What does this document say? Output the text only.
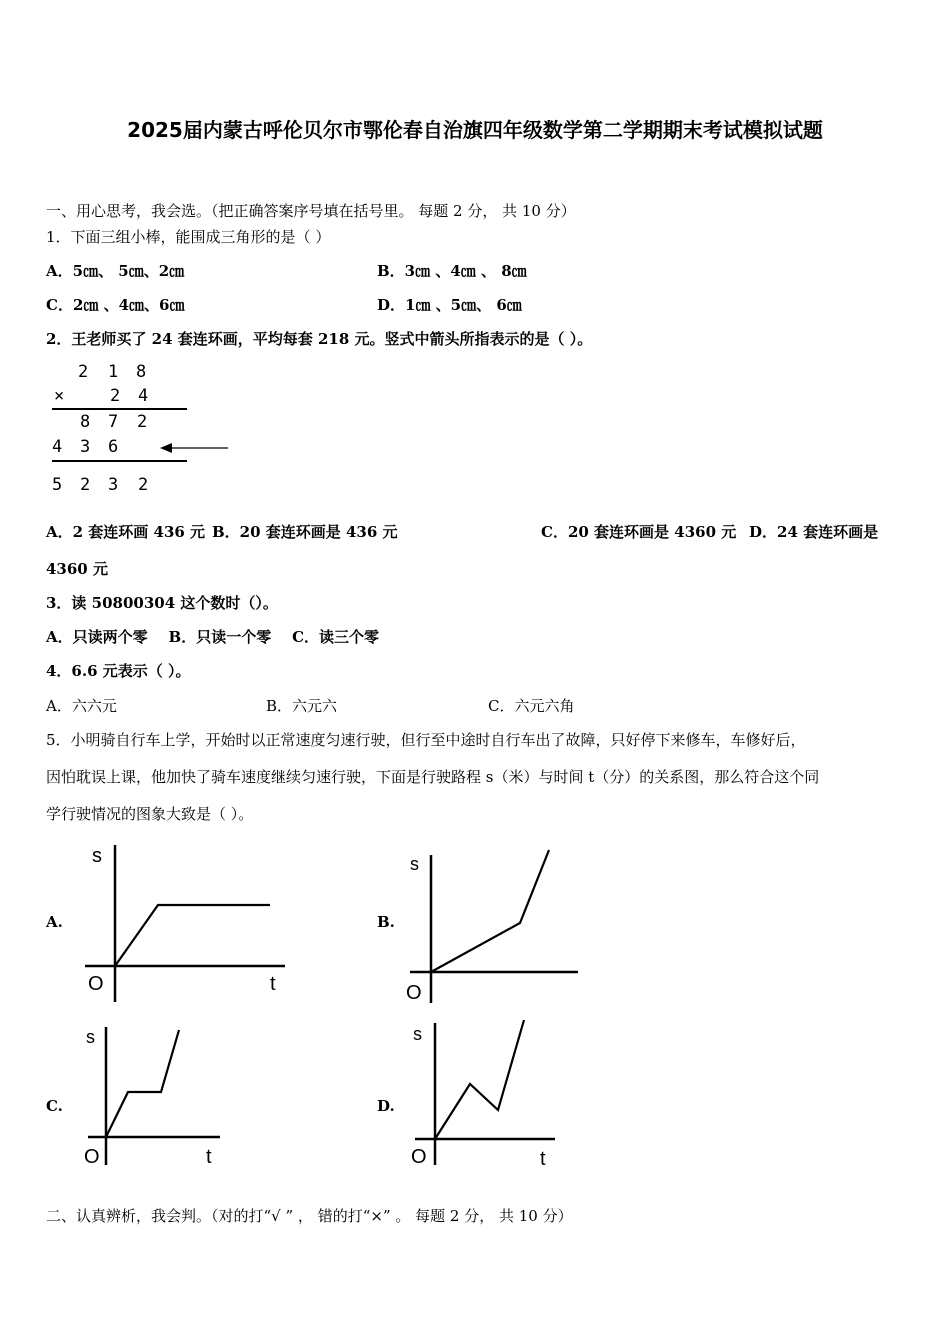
2025届内蒙古呼伦贝尔市鄂伦春自治旗四年级数学第二学期期末考试模拟试题
一、用心思考，我会选。（把正确答案序号填在括号里。 每题 2 分， 共 10 分）
1．下面三组小棒，能围成三角形的是（ ）
A．5㎝、 5㎝、2㎝	B．3㎝ 、4㎝ 、 8㎝
C．2㎝ 、4㎝、6㎝	D．1㎝ 、5㎝、 6㎝
2．王老师买了 24 套连环画，平均每套 218 元。竖式中箭头所指表示的是（ ）。
2 1 8
×	2 4
8 7 2
4 3 6
5 2 3 2
A．2 套连环画 436 元 B．20 套连环画是 436 元	C．20 套连环画是 4360 元 D．24 套连环画是
4360 元
3．读 50800304 这个数时（）。
A．只读两个零    B．只读一个零    C．读三个零
4．6.6 元表示（ ）。
A．六六元	B．六元六	C．六元六角
5．小明骑自行车上学，开始时以正常速度匀速行驶，但行至中途时自行车出了故障，只好停下来修车，车修好后，
因怕耽误上课，他加快了骑车速度继续匀速行驶，下面是行驶路程 s（米）与时间 t（分）的关系图，那么符合这个同
学行驶情况的图象大致是（ ）。
A.
s
O	t
B.
s
O
C.
s
O	t
D.
s
O	t
二、认真辨析，我会判。（对的打“√ ” ， 错的打“×” 。 每题 2 分， 共 10 分）
